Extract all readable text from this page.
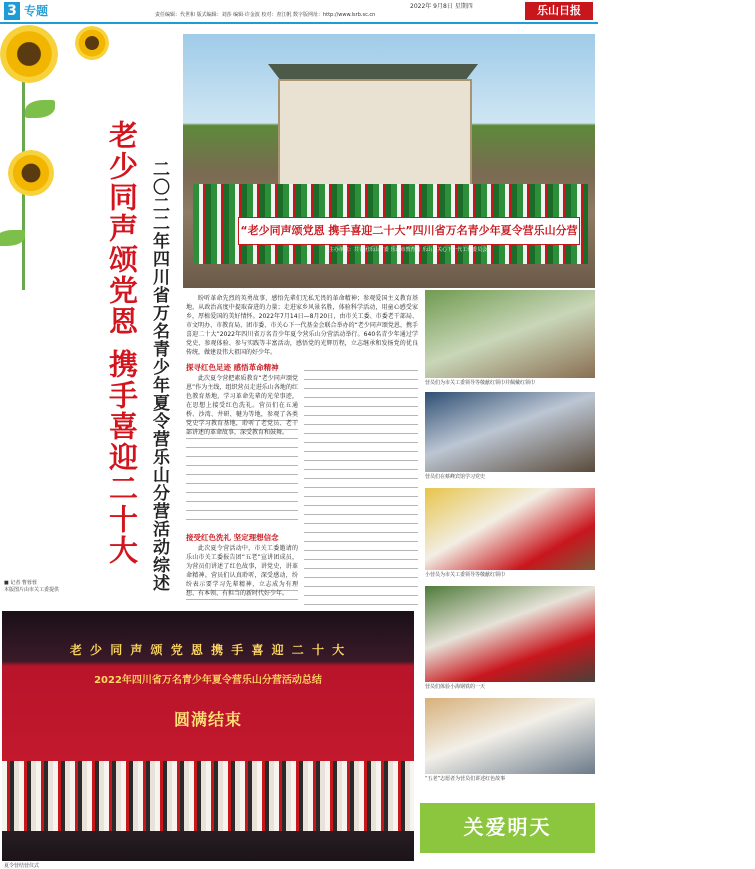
3 专题	2022年 9月8日 星期四
责任编辑：代世和 版式编辑：刘莎 编辑·许金波 校对：查江帆 数字版网址：http://www.lsrb.sc.cn	乐山日报
老少同声颂党恩 携手喜迎二十大 二〇二二年四川省万名青少年夏令营乐山分营活动综述	“老少同声颂党恩 携手喜迎二十大”四川省万名青少年夏令营乐山分营
主办单位：共青团乐山市委 乐山市教育局 乐山市关心下一代工作委员会
夏令营营员参观研学
盼听革命先烈的英勇故事，感悟先辈们无私无畏的革命精神；参观爱国主义教育基地，从政治高度中提取奋进的力量；走进家乡风景名胜，体验科学活动，用童心感受家乡，厚植爱国的美好情怀。2022年7月14日—8月20日，由市关工委、市委老干部局、市文明办、市教育局、团市委、市关心下一代基金会联合举办的“老少同声颂党恩，携手喜迎二十大”2022年四川省万名青少年夏令营乐山分营活动举行。640名青少年通过学党史、参观体验、参与实践等丰富活动，感悟党的光辉历程，立志继承和发扬党的优良传统，做建设伟大祖国的好少年。
探寻红色足迹 感悟革命精神
此次夏令营把素质教育“老少同声颂党恩”作为主线，组织营员走进乐山各地的红色教育基地，学习革命先辈的光荣事迹，在思想上接受红色洗礼。营员们在五通桥、沙湾、井研、犍为等地，参观了各类党史学习教育基地，聆听了老党员、老干部讲述的革命故事，深受教育和鼓舞。
接受红色洗礼 坚定理想信念
此次夏令营活动中，市关工委邀请的乐山市关工委报告团“五老”宣讲团成员，为营员们讲述了红色故事，讲党史，讲革命精神。营员们认真聆听，深受感动，纷纷表示要学习先辈精神，立志成为有理想、有本领、有担当的新时代好少年。
营员们为市关工委领导等敬献红领巾并佩戴红领巾
营员们在蔡峰宾馆学习党史
小营员为市关工委领导等敬献红领巾
营员们体验小海钢铁的一天
“五老”志愿者为营员们讲述红色故事
■ 记者 曹蓉蓉
本版图片由市关工委提供
老 少 同 声 颂 党 恩 携 手 喜 迎 二 十 大
2022年四川省万名青少年夏令营乐山分营活动总结
圆满结束
夏令营结营仪式
关爱明天
